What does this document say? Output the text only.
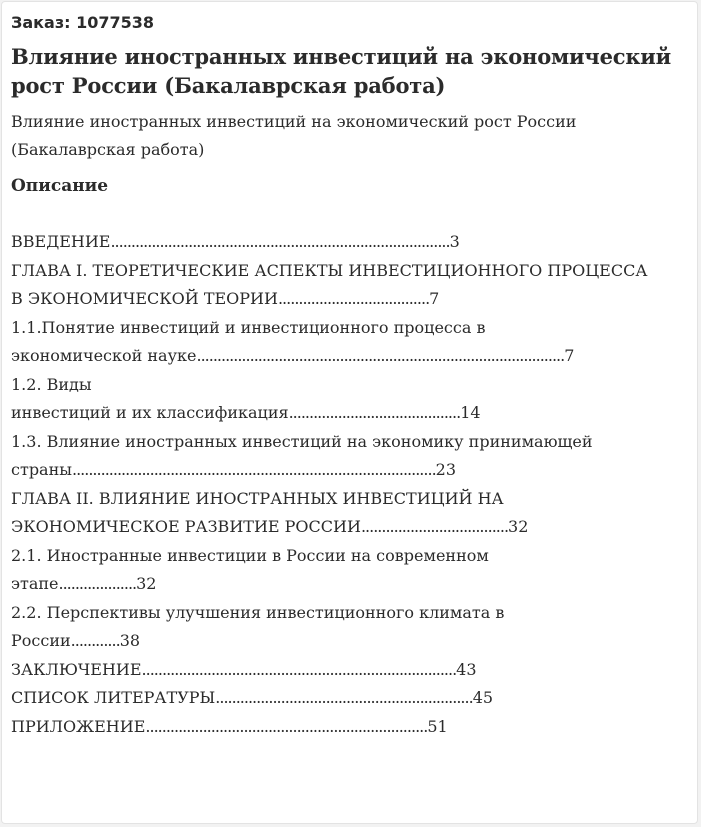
Заказ: 1077538
Влияние иностранных инвестиций на экономический рост России (Бакалаврская работа)
Влияние иностранных инвестиций на экономический рост России (Бакалаврская работа)
Описание
ВВЕДЕНИЕ...................................................................................3
ГЛАВА I. ТЕОРЕТИЧЕСКИЕ АСПЕКТЫ ИНВЕСТИЦИОННОГО ПРОЦЕССА
В ЭКОНОМИЧЕСКОЙ ТЕОРИИ.....................................7
1.1.Понятие инвестиций и инвестиционного процесса в
экономической науке..........................................................................................7
1.2. Виды
инвестиций и их классификация..........................................14
1.3. Влияние иностранных инвестиций на экономику принимающей
страны.........................................................................................23
ГЛАВА II. ВЛИЯНИЕ ИНОСТРАННЫХ ИНВЕСТИЦИЙ НА
ЭКОНОМИЧЕСКОЕ РАЗВИТИЕ РОССИИ....................................32
2.1. Иностранные инвестиции в России на современном
этапе...................32
2.2. Перспективы улучшения инвестиционного климата в
России............38
ЗАКЛЮЧЕНИЕ.............................................................................43
СПИСОК ЛИТЕРАТУРЫ...............................................................45
ПРИЛОЖЕНИЕ.....................................................................51
